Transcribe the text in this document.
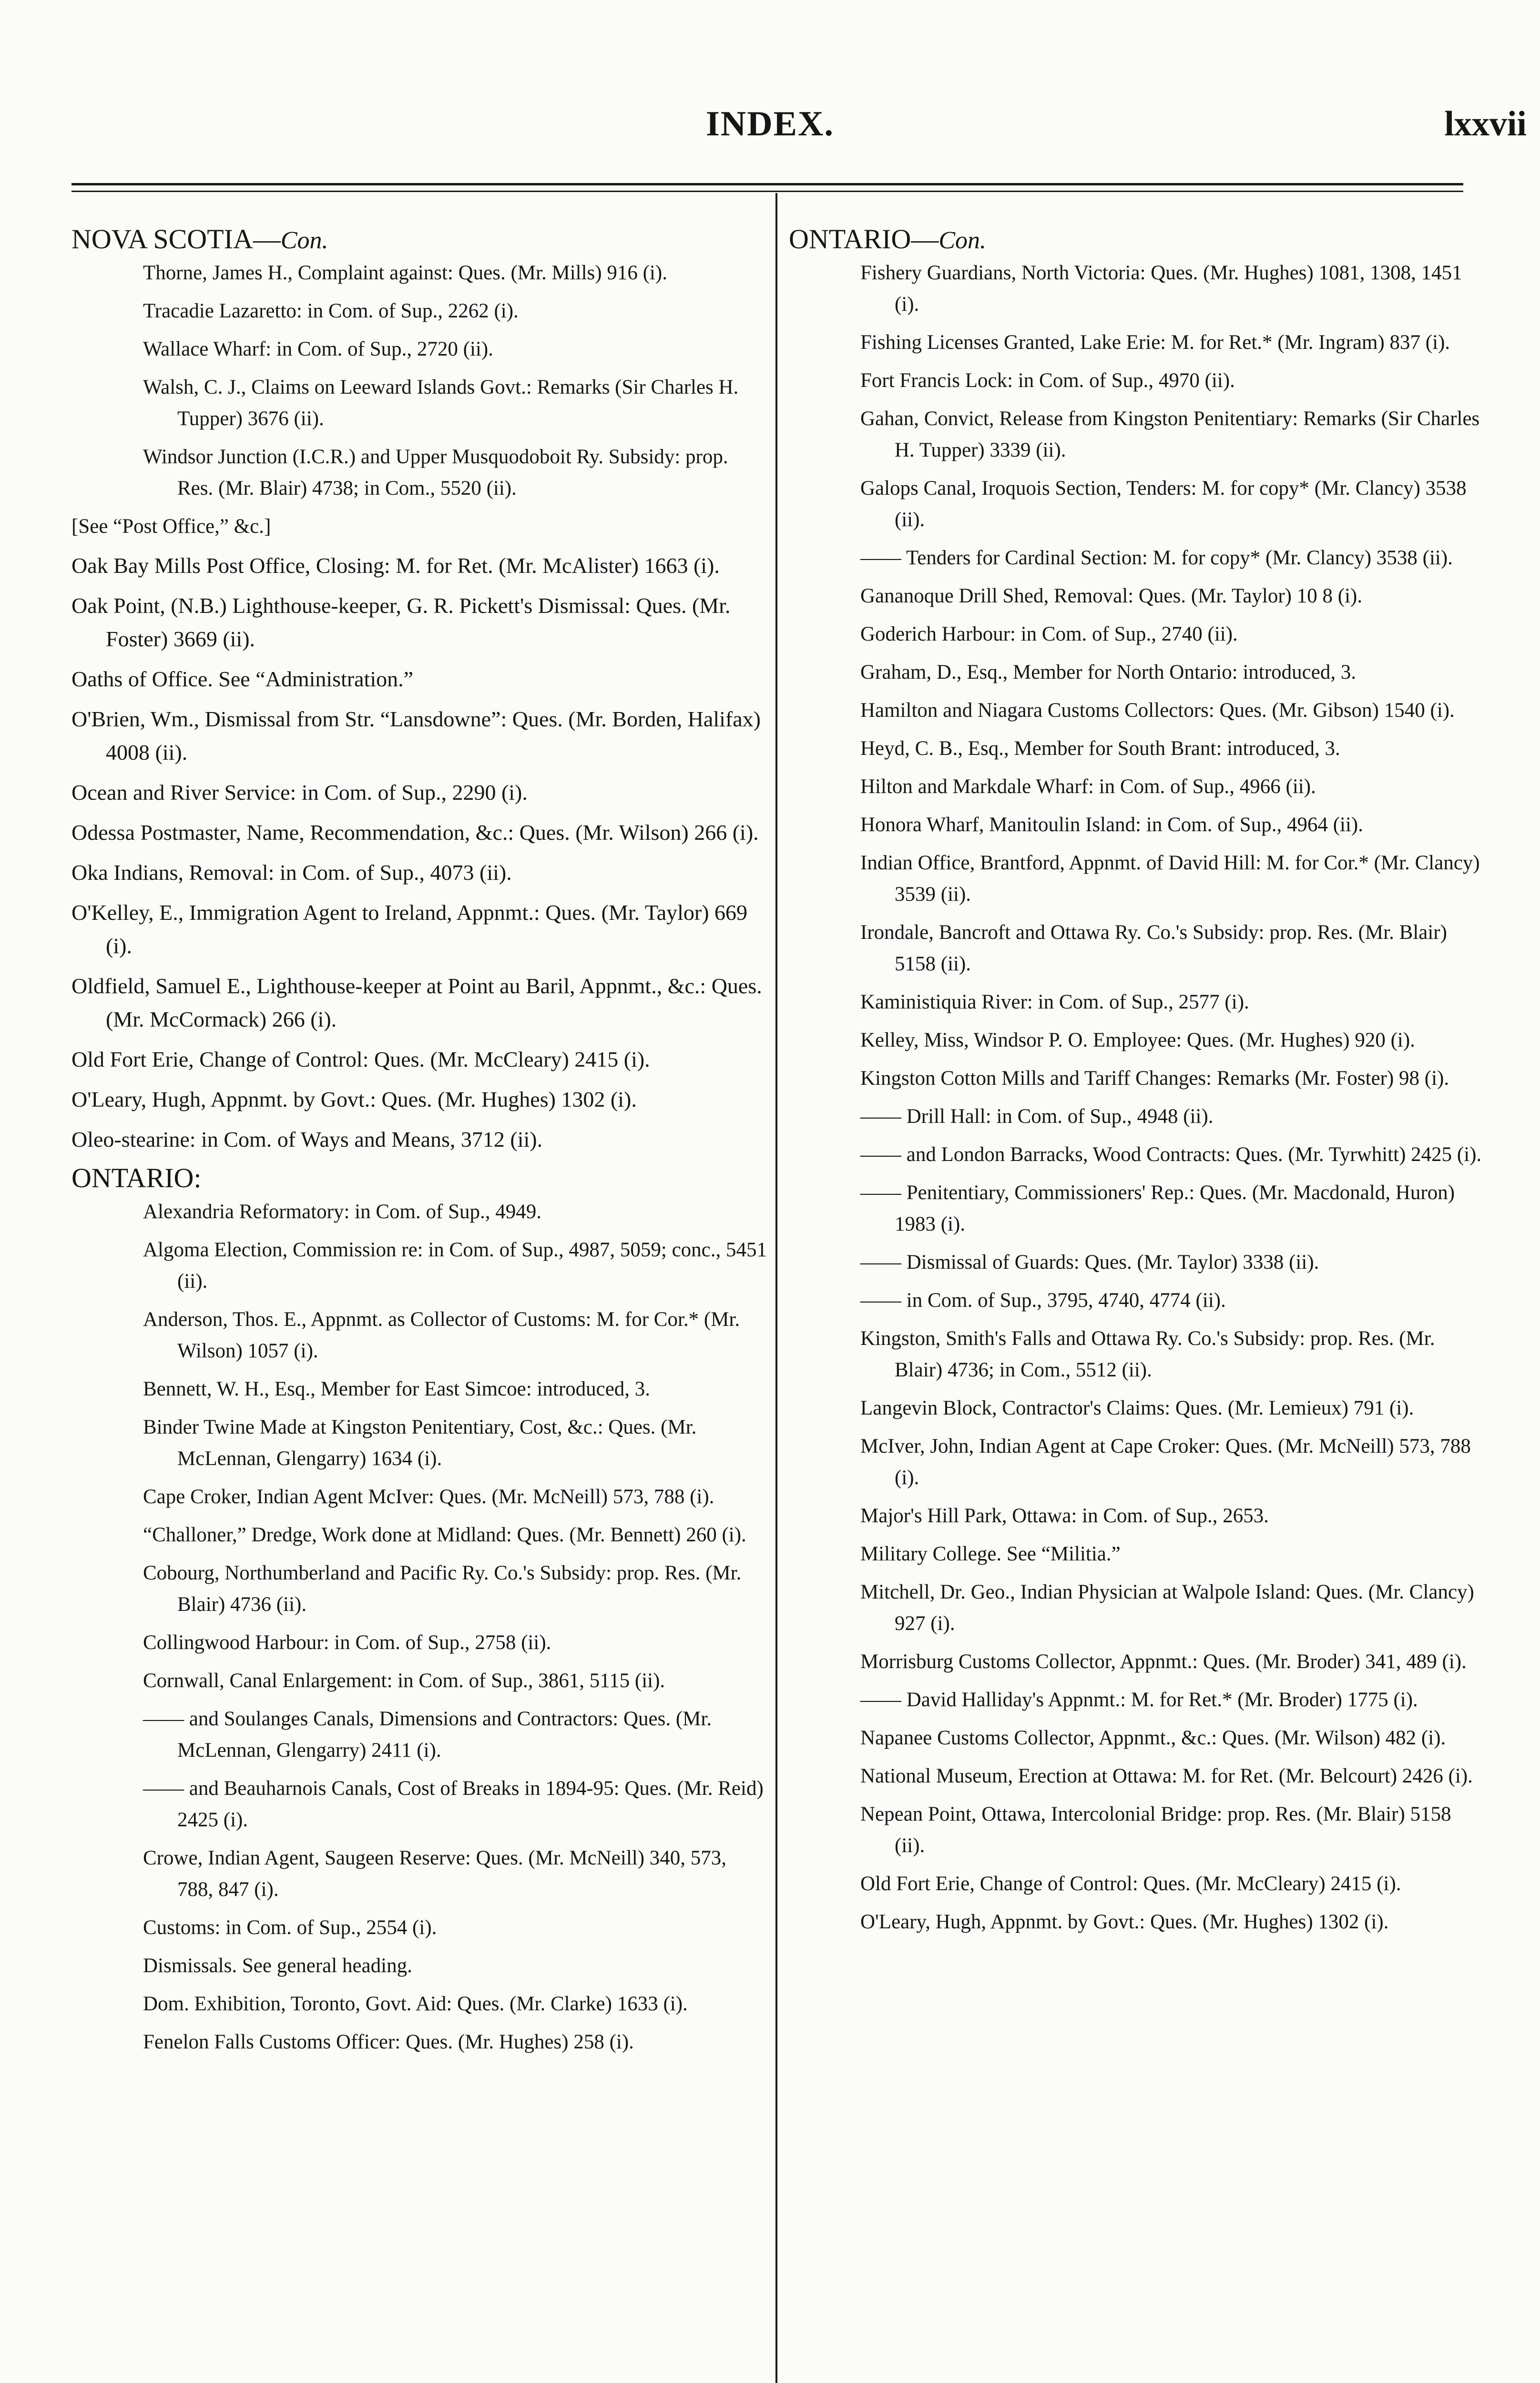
INDEX.	lxxvii
NOVA SCOTIA—Con.
Thorne, James H., Complaint against: Ques. (Mr. Mills) 916 (i).
Tracadie Lazaretto: in Com. of Sup., 2262 (i).
Wallace Wharf: in Com. of Sup., 2720 (ii).
Walsh, C. J., Claims on Leeward Islands Govt.: Remarks (Sir Charles H. Tupper) 3676 (ii).
Windsor Junction (I.C.R.) and Upper Musquodoboit Ry. Subsidy: prop. Res. (Mr. Blair) 4738; in Com., 5520 (ii).
[See “Post Office,” &c.]
Oak Bay Mills Post Office, Closing: M. for Ret. (Mr. McAlister) 1663 (i).
Oak Point, (N.B.) Lighthouse-keeper, G. R. Pickett's Dismissal: Ques. (Mr. Foster) 3669 (ii).
Oaths of Office. See “Administration.”
O'Brien, Wm., Dismissal from Str. “Lansdowne”: Ques. (Mr. Borden, Halifax) 4008 (ii).
Ocean and River Service: in Com. of Sup., 2290 (i).
Odessa Postmaster, Name, Recommendation, &c.: Ques. (Mr. Wilson) 266 (i).
Oka Indians, Removal: in Com. of Sup., 4073 (ii).
O'Kelley, E., Immigration Agent to Ireland, Appnmt.: Ques. (Mr. Taylor) 669 (i).
Oldfield, Samuel E., Lighthouse-keeper at Point au Baril, Appnmt., &c.: Ques. (Mr. McCormack) 266 (i).
Old Fort Erie, Change of Control: Ques. (Mr. McCleary) 2415 (i).
O'Leary, Hugh, Appnmt. by Govt.: Ques. (Mr. Hughes) 1302 (i).
Oleo-stearine: in Com. of Ways and Means, 3712 (ii).
ONTARIO:
Alexandria Reformatory: in Com. of Sup., 4949.
Algoma Election, Commission re: in Com. of Sup., 4987, 5059; conc., 5451 (ii).
Anderson, Thos. E., Appnmt. as Collector of Customs: M. for Cor.* (Mr. Wilson) 1057 (i).
Bennett, W. H., Esq., Member for East Simcoe: introduced, 3.
Binder Twine Made at Kingston Penitentiary, Cost, &c.: Ques. (Mr. McLennan, Glengarry) 1634 (i).
Cape Croker, Indian Agent McIver: Ques. (Mr. McNeill) 573, 788 (i).
“Challoner,” Dredge, Work done at Midland: Ques. (Mr. Bennett) 260 (i).
Cobourg, Northumberland and Pacific Ry. Co.'s Subsidy: prop. Res. (Mr. Blair) 4736 (ii).
Collingwood Harbour: in Com. of Sup., 2758 (ii).
Cornwall, Canal Enlargement: in Com. of Sup., 3861, 5115 (ii).
—— and Soulanges Canals, Dimensions and Contractors: Ques. (Mr. McLennan, Glengarry) 2411 (i).
—— and Beauharnois Canals, Cost of Breaks in 1894-95: Ques. (Mr. Reid) 2425 (i).
Crowe, Indian Agent, Saugeen Reserve: Ques. (Mr. McNeill) 340, 573, 788, 847 (i).
Customs: in Com. of Sup., 2554 (i).
Dismissals. See general heading.
Dom. Exhibition, Toronto, Govt. Aid: Ques. (Mr. Clarke) 1633 (i).
Fenelon Falls Customs Officer: Ques. (Mr. Hughes) 258 (i).
ONTARIO—Con.
Fishery Guardians, North Victoria: Ques. (Mr. Hughes) 1081, 1308, 1451 (i).
Fishing Licenses Granted, Lake Erie: M. for Ret.* (Mr. Ingram) 837 (i).
Fort Francis Lock: in Com. of Sup., 4970 (ii).
Gahan, Convict, Release from Kingston Penitentiary: Remarks (Sir Charles H. Tupper) 3339 (ii).
Galops Canal, Iroquois Section, Tenders: M. for copy* (Mr. Clancy) 3538 (ii).
—— Tenders for Cardinal Section: M. for copy* (Mr. Clancy) 3538 (ii).
Gananoque Drill Shed, Removal: Ques. (Mr. Taylor) 10 8 (i).
Goderich Harbour: in Com. of Sup., 2740 (ii).
Graham, D., Esq., Member for North Ontario: introduced, 3.
Hamilton and Niagara Customs Collectors: Ques. (Mr. Gibson) 1540 (i).
Heyd, C. B., Esq., Member for South Brant: introduced, 3.
Hilton and Markdale Wharf: in Com. of Sup., 4966 (ii).
Honora Wharf, Manitoulin Island: in Com. of Sup., 4964 (ii).
Indian Office, Brantford, Appnmt. of David Hill: M. for Cor.* (Mr. Clancy) 3539 (ii).
Irondale, Bancroft and Ottawa Ry. Co.'s Subsidy: prop. Res. (Mr. Blair) 5158 (ii).
Kaministiquia River: in Com. of Sup., 2577 (i).
Kelley, Miss, Windsor P. O. Employee: Ques. (Mr. Hughes) 920 (i).
Kingston Cotton Mills and Tariff Changes: Remarks (Mr. Foster) 98 (i).
—— Drill Hall: in Com. of Sup., 4948 (ii).
—— and London Barracks, Wood Contracts: Ques. (Mr. Tyrwhitt) 2425 (i).
—— Penitentiary, Commissioners' Rep.: Ques. (Mr. Macdonald, Huron) 1983 (i).
—— Dismissal of Guards: Ques. (Mr. Taylor) 3338 (ii).
—— in Com. of Sup., 3795, 4740, 4774 (ii).
Kingston, Smith's Falls and Ottawa Ry. Co.'s Subsidy: prop. Res. (Mr. Blair) 4736; in Com., 5512 (ii).
Langevin Block, Contractor's Claims: Ques. (Mr. Lemieux) 791 (i).
McIver, John, Indian Agent at Cape Croker: Ques. (Mr. McNeill) 573, 788 (i).
Major's Hill Park, Ottawa: in Com. of Sup., 2653.
Military College. See “Militia.”
Mitchell, Dr. Geo., Indian Physician at Walpole Island: Ques. (Mr. Clancy) 927 (i).
Morrisburg Customs Collector, Appnmt.: Ques. (Mr. Broder) 341, 489 (i).
—— David Halliday's Appnmt.: M. for Ret.* (Mr. Broder) 1775 (i).
Napanee Customs Collector, Appnmt., &c.: Ques. (Mr. Wilson) 482 (i).
National Museum, Erection at Ottawa: M. for Ret. (Mr. Belcourt) 2426 (i).
Nepean Point, Ottawa, Intercolonial Bridge: prop. Res. (Mr. Blair) 5158 (ii).
Old Fort Erie, Change of Control: Ques. (Mr. McCleary) 2415 (i).
O'Leary, Hugh, Appnmt. by Govt.: Ques. (Mr. Hughes) 1302 (i).
